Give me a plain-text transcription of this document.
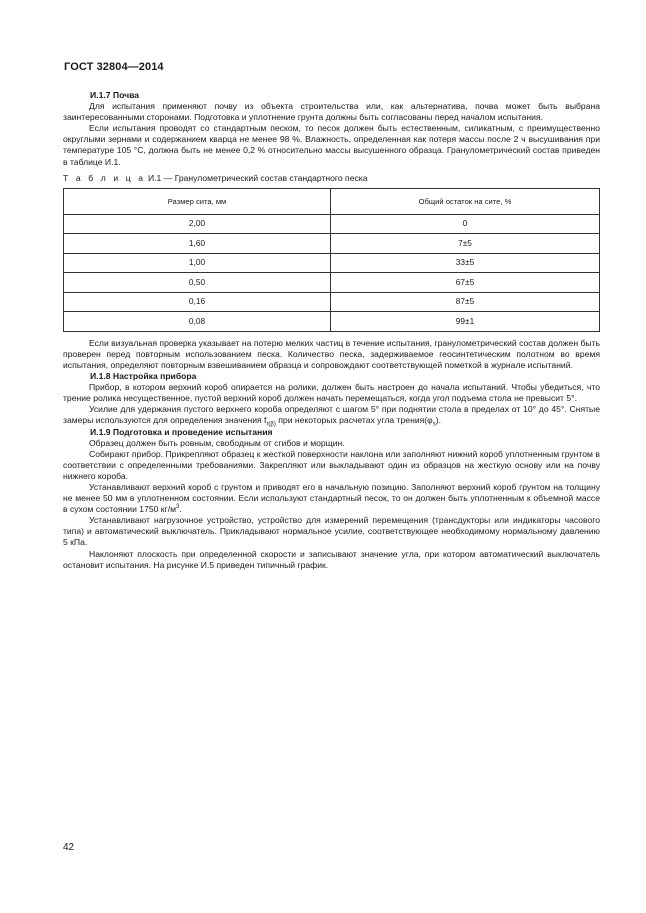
ГОСТ 32804—2014

И.1.7 Почва

Для испытания применяют почву из объекта строительства или, как альтернатива, почва может быть выбрана заинтересованными сторонами. Подготовка и уплотнение грунта должны быть согласованы перед началом испытания.

Если испытания проводят со стандартным песком, то песок должен быть естественным, силикатным, с преимущественно округлыми зернами и содержанием кварца не менее 98 %. Влажность, определенная как потеря массы после 2 ч высушивания при температуре 105 °С, должна быть не менее 0,2 % относительно массы высушенного образца. Гранулометрический состав приведен в таблице И.1.

Т а б л и ц а И.1 — Гранулометрический состав стандартного песка
Размер сита, мм	Общий остаток на сите, %
2,00	0
1,60	7±5
1,00	33±5
0,50	67±5
0,16	87±5
0,08	99±1

Если визуальная проверка указывает на потерю мелких частиц в течение испытания, гранулометрический состав должен быть проверен перед повторным использованием песка. Количество песка, задерживаемое геосинтетическим полотном во время испытания, определяют повторным взвешиванием образца и сопровождают соответствующей пометкой в журнале испытаний.

И.1.8 Настройка прибора

Прибор, в котором верхний короб опирается на ролики, должен быть настроен до начала испытаний. Чтобы убедиться, что трение ролика несущественное, пустой верхний короб должен начать перемещаться, когда угол подъема стола не превысит 5°.

Усилие для удержания пустого верхнего короба определяют с шагом 5° при поднятии стола в пределах от 10° до 45°. Снятые замеры используются для определения значения $f_{r(\beta)}$ при некоторых расчетах угла $трения(\varphi_s)$.

И.1.9 Подготовка и проведение испытания

Образец должен быть ровным, свободным от сгибов и морщин.

Собирают прибор. Прикрепляют образец к жесткой поверхности наклона или заполняют нижний короб уплотненным грунтом в соответствии с определенными требованиями. Закрепляют или выкладывают один из образцов на жесткую основу или на почву нижнего короба.

Устанавливают верхний короб с грунтом и приводят его в начальную позицию. Заполняют верхний короб грунтом на толщину не менее 50 мм в уплотненном состоянии. Если используют стандартный песок, то он должен быть уплотненным к объемной массе в сухом состоянии 1750 $кг/м^3$.

Устанавливают нагрузочное устройство, устройство для измерений перемещения (трансдукторы или индикаторы часового типа) и автоматический выключатель. Прикладывают нормальное усилие, соответствующее необходимому нормальному давлению 5 кПа.

Наклоняют плоскость при определенной скорости и записывают значение угла, при котором автоматический выключатель остановит испытания. На рисунке И.5 приведен типичный график.

42
